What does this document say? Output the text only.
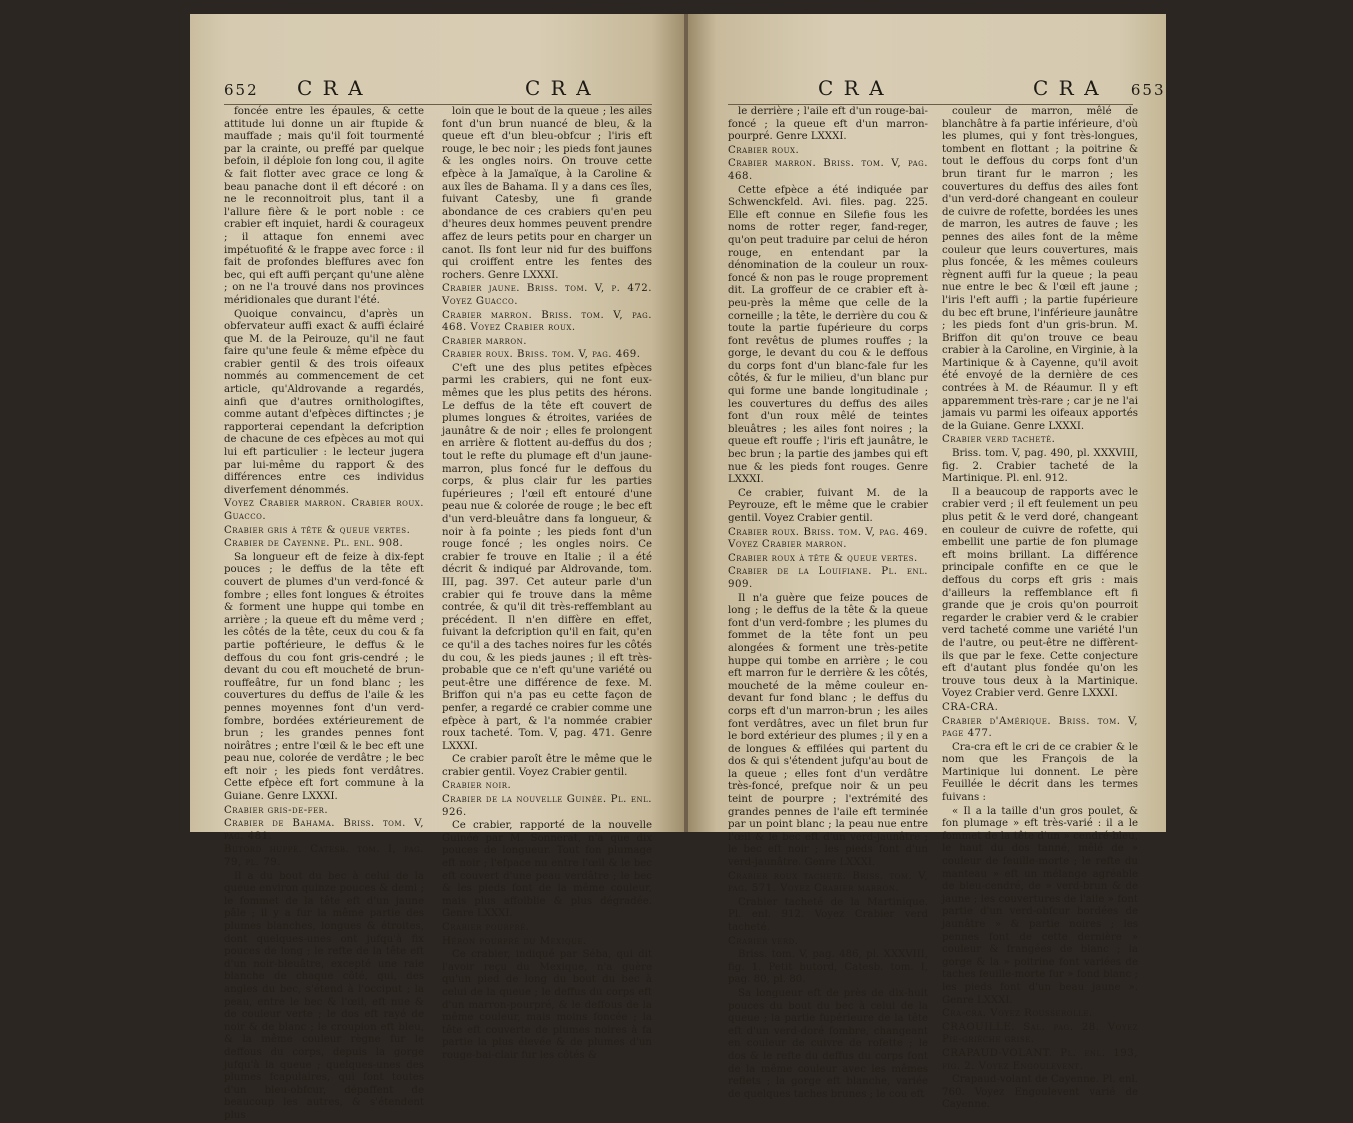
652 C R A	C R A

foncée entre les épaules, & cette attitude lui donne un air ftupide & mauffade ; mais qu'il foit tourmenté par la crainte, ou preffé par quelque befoin, il déploie fon long cou, il agite & fait flotter avec grace ce long & beau panache dont il eft décoré : on ne le reconnoitroit plus, tant il a l'allure fière & le port noble : ce crabier eft inquiet, hardi & courageux ; il attaque fon ennemi avec impétuofité & le frappe avec force : il fait de profondes bleffures avec fon bec, qui eft auffi perçant qu'une alène ; on ne l'a trouvé dans nos provinces méridionales que durant l'été.

Quoique convaincu, d'après un obfervateur auffi exact & auffi éclairé que M. de la Peirouze, qu'il ne faut faire qu'une feule & même efpèce du crabier gentil & des trois oifeaux nommés au commencement de cet article, qu'Aldrovande a regardés, ainfi que d'autres ornithologiftes, comme autant d'efpèces diftinctes ; je rapporterai cependant la defcription de chacune de ces efpèces au mot qui lui eft particulier : le lecteur jugera par lui-même du rapport & des différences entre ces individus diverfement dénommés.

Voyez Crabier marron. Crabier roux. Guacco.

Crabier gris à tête & queue vertes.

Crabier de Cayenne. Pl. enl. 908.

Sa longueur eft de feize à dix-fept pouces ; le deffus de la tête eft couvert de plumes d'un verd-foncé & fombre ; elles font longues & étroites & forment une huppe qui tombe en arrière ; la queue eft du même verd ; les côtés de la tête, ceux du cou & fa partie poftérieure, le deffus & le deffous du cou font gris-cendré ; le devant du cou eft moucheté de brun-rouffeâtre, fur un fond blanc ; les couvertures du deffus de l'aile & les pennes moyennes font d'un verd-fombre, bordées extérieurement de brun ; les grandes pennes font noirâtres ; entre l'œil & le bec eft une peau nue, colorée de verdâtre ; le bec eft noir ; les pieds font verdâtres. Cette efpèce eft fort commune à la Guiane. Genre LXXXI.

Crabier gris-de-fer.

Crabier de Bahama. Briss. tom. V, pag. 481.

Butord huppé. Catesb. tom. I, pag. 79, pl. 79.

Il a du bout du bec à celui de la queue environ quinze pouces & demi ; le fommet de la tête eft d'un jaune pâle ; il y a fur la même partie des plumes blanches, longues & étroites, dont quelques-unes ont jufqu'à fix pouces de long ; le refte de la tête eft d'un noir-bleuâtre, excepté une raie blanche de chaque côté, qui, des angles du bec, s'étend à l'occiput ; la peau, entre le bec & l'œil, eft nue & de couleur verte ; le dos eft rayé de noir & de blanc ; le croupion eft bleu, & la même couleur règne fur le deffous du corps, depuis la gorge jufqu'à la queue ; quelques-unes des plumes fcapulaires, qui font toutes d'un bleu-obfcur, dépaffent de beaucoup les autres, & s'étendent plus

loin que le bout de la queue ; les ailes font d'un brun nuancé de bleu, & la queue eft d'un bleu-obfcur ; l'iris eft rouge, le bec noir ; les pieds font jaunes & les ongles noirs. On trouve cette efpèce à la Jamaïque, à la Caroline & aux îles de Bahama. Il y a dans ces îles, fuivant Catesby, une fi grande abondance de ces crabiers qu'en peu d'heures deux hommes peuvent prendre affez de leurs petits pour en charger un canot. Ils font leur nid fur des buiffons qui croiffent entre les fentes des rochers. Genre LXXXI.

Crabier jaune. Briss. tom. V, p. 472. Voyez Guacco.

Crabier marron. Briss. tom. V, pag. 468. Voyez Crabier roux.

Crabier marron.

Crabier roux. Briss. tom. V, pag. 469.

C'eft une des plus petites efpèces parmi les crabiers, qui ne font eux-mêmes que les plus petits des hérons. Le deffus de la tête eft couvert de plumes longues & étroites, variées de jaunâtre & de noir ; elles fe prolongent en arrière & flottent au-deffus du dos ; tout le refte du plumage eft d'un jaune-marron, plus foncé fur le deffous du corps, & plus clair fur les parties fupérieures ; l'œil eft entouré d'une peau nue & colorée de rouge ; le bec eft d'un verd-bleuâtre dans fa longueur, & noir à fa pointe ; les pieds font d'un rouge foncé ; les ongles noirs. Ce crabier fe trouve en Italie ; il a été décrit & indiqué par Aldrovande, tom. III, pag. 397. Cet auteur parle d'un crabier qui fe trouve dans la même contrée, & qu'il dit très-reffemblant au précédent. Il n'en diffère en effet, fuivant la defcription qu'il en fait, qu'en ce qu'il a des taches noires fur les côtés du cou, & les pieds jaunes ; il eft très-probable que ce n'eft qu'une variété ou peut-être une différence de fexe. M. Briffon qui n'a pas eu cette façon de penfer, a regardé ce crabier comme une efpèce à part, & l'a nommée crabier roux tacheté. Tom. V, pag. 471. Genre LXXXI.

Ce crabier paroît être le même que le crabier gentil. Voyez Crabier gentil.

Crabier noir.

Crabier de la nouvelle Guinée. Pl. enl. 926.

Ce crabier, rapporté de la nouvelle Guinée par M. Sonnerat, n'a que dix pouces de longueur. Tout fon plumage eft noir ; l'efpace nu entre l'œil & le bec eft couvert d'une peau verdâtre ; le bec & les pieds font de la même couleur, mais plus affoiblie & plus dégradée. Genre LXXXI.

Crabier pourpré.

Héron pourpré du Mexique.

Ce crabier, indiqué par Séba, qui dit l'avoir reçu du Mexique, n'a guère qu'un pied de long du bout du bec à celui de la queue ; le deffus du corps eft d'un marron-pourpré, & le deffous de la même couleur, mais moins foncée ; la tête eft couverte de plumes noires à fa partie la plus élevée & de plumes d'un rouge-bai-clair fur les côtés &

C R A	C R A 653

le derrière ; l'aile eft d'un rouge-bai-foncé ; la queue eft d'un marron-pourpré. Genre LXXXI.

Crabier roux.

Crabier marron. Briss. tom. V, pag. 468.

Cette efpèce a été indiquée par Schwenckfeld. Avi. files. pag. 225. Elle eft connue en Silefie fous les noms de rotter reger, fand-reger, qu'on peut traduire par celui de héron rouge, en entendant par la dénomination de la couleur un roux-foncé & non pas le rouge proprement dit. La groffeur de ce crabier eft à-peu-près la même que celle de la corneille ; la tête, le derrière du cou & toute la partie fupérieure du corps font revêtus de plumes rouffes ; la gorge, le devant du cou & le deffous du corps font d'un blanc-fale fur les côtés, & fur le milieu, d'un blanc pur qui forme une bande longitudinale ; les couvertures du deffus des ailes font d'un roux mêlé de teintes bleuâtres ; les ailes font noires ; la queue eft rouffe ; l'iris eft jaunâtre, le bec brun ; la partie des jambes qui eft nue & les pieds font rouges. Genre LXXXI.

Ce crabier, fuivant M. de la Peyrouze, eft le même que le crabier gentil. Voyez Crabier gentil.

Crabier roux. Briss. tom. V, pag. 469. Voyez Crabier marron.

Crabier roux à tête & queue vertes.

Crabier de la Louifiane. Pl. enl. 909.

Il n'a guère que feize pouces de long ; le deffus de la tête & la queue font d'un verd-fombre ; les plumes du fommet de la tête font un peu alongées & forment une très-petite huppe qui tombe en arrière ; le cou eft marron fur le derrière & les côtés, moucheté de la même couleur en-devant fur fond blanc ; le deffus du corps eft d'un marron-brun ; les ailes font verdâtres, avec un filet brun fur le bord extérieur des plumes ; il y en a de longues & effilées qui partent du dos & qui s'étendent jufqu'au bout de la queue ; elles font d'un verdâtre très-foncé, prefque noir & un peu teint de pourpre ; l'extrémité des grandes pennes de l'aile eft terminée par un point blanc ; la peau nue entre l'œil & le bec eft d'un verd-jaunâtre ; le bec eft noir ; les pieds font d'un verd-jaunâtre. Genre LXXXI.

Crabier roux tacheté. Briss. tom. V, pag. 571. Voyez Crabier marron.

Crabier tacheté de la Martinique. Pl. enl. 912. Voyez Crabier verd tacheté.

Crabier verd.

Briss. tom. V, pag. 486, pl. XXXVIII, fig. 1. Petit butord, Catesb. tom. I, pag. 80, pl. 80.

Sa longueur eft de près de dix-huit pouces du bout du bec à celui de la queue ; la partie fupérieure de la tête eft d'un verd-doré fombre, changeant en couleur de cuivre de rofette ; le dos & le refte du deffus du corps font de la même couleur avec les mêmes reflets ; la gorge eft blanche, variée de quelques taches brunes ; le cou eft

couleur de marron, mêlé de blanchâtre à fa partie inférieure, d'où les plumes, qui y font très-longues, tombent en flottant ; la poitrine & tout le deffous du corps font d'un brun tirant fur le marron ; les couvertures du deffus des ailes font d'un verd-doré changeant en couleur de cuivre de rofette, bordées les unes de marron, les autres de fauve ; les pennes des ailes font de la même couleur que leurs couvertures, mais plus foncée, & les mêmes couleurs règnent auffi fur la queue ; la peau nue entre le bec & l'œil eft jaune ; l'iris l'eft auffi ; la partie fupérieure du bec eft brune, l'inférieure jaunâtre ; les pieds font d'un gris-brun. M. Briffon dit qu'on trouve ce beau crabier à la Caroline, en Virginie, à la Martinique & à Cayenne, qu'il avoit été envoyé de la dernière de ces contrées à M. de Réaumur. Il y eft apparemment très-rare ; car je ne l'ai jamais vu parmi les oifeaux apportés de la Guiane. Genre LXXXI.

Crabier verd tacheté.

Briss. tom. V, pag. 490, pl. XXXVIII, fig. 2. Crabier tacheté de la Martinique. Pl. enl. 912.

Il a beaucoup de rapports avec le crabier verd ; il eft feulement un peu plus petit & le verd doré, changeant en couleur de cuivre de rofette, qui embellit une partie de fon plumage eft moins brillant. La différence principale confifte en ce que le deffous du corps eft gris : mais d'ailleurs la reffemblance eft fi grande que je crois qu'on pourroit regarder le crabier verd & le crabier verd tacheté comme une variété l'un de l'autre, ou peut-être ne diffèrent-ils que par le fexe. Cette conjecture eft d'autant plus fondée qu'on les trouve tous deux à la Martinique. Voyez Crabier verd. Genre LXXXI.

CRA-CRA.

Crabier d'Amérique. Briss. tom. V, page 477.

Cra-cra eft le cri de ce crabier & le nom que les François de la Martinique lui donnent. Le père Feuillée le décrit dans les termes fuivans :

« Il a la taille d'un gros poulet, & fon plumage » eft très-varié : il a le fommet de la tête d'un » cendré-bleu, le haut du dos tanné, mêlé de » couleur de feuille-morte ; le refte du manteau » eft un mélange agréable de bleu-cendré, de » verd-brun & de jaune ; les couvertures de l'aile » font partie d'un verd-obfcur bordées de jaunâtre » & partie noires ; les pennes font de cette dernière » couleur & frangées de blanc ; la gorge & la » poitrine font variées de taches feuille-morte fur » fond blanc ; les pieds font d'un beau jaune ». Genre LXXXI.

Cra-cra. Voyez Rousserolle.

CRAOUILLE. Sal. pag. 28. Voyez Pie-grièche grise.

CRAPAUD-VOLANT. Pl. enl. 193, fig. 2. Voyez Engoulevent.

Crapaud-volant de Cayenne. Pl. enl. 760. Voyez Engoulevent varié de Cayenne.
